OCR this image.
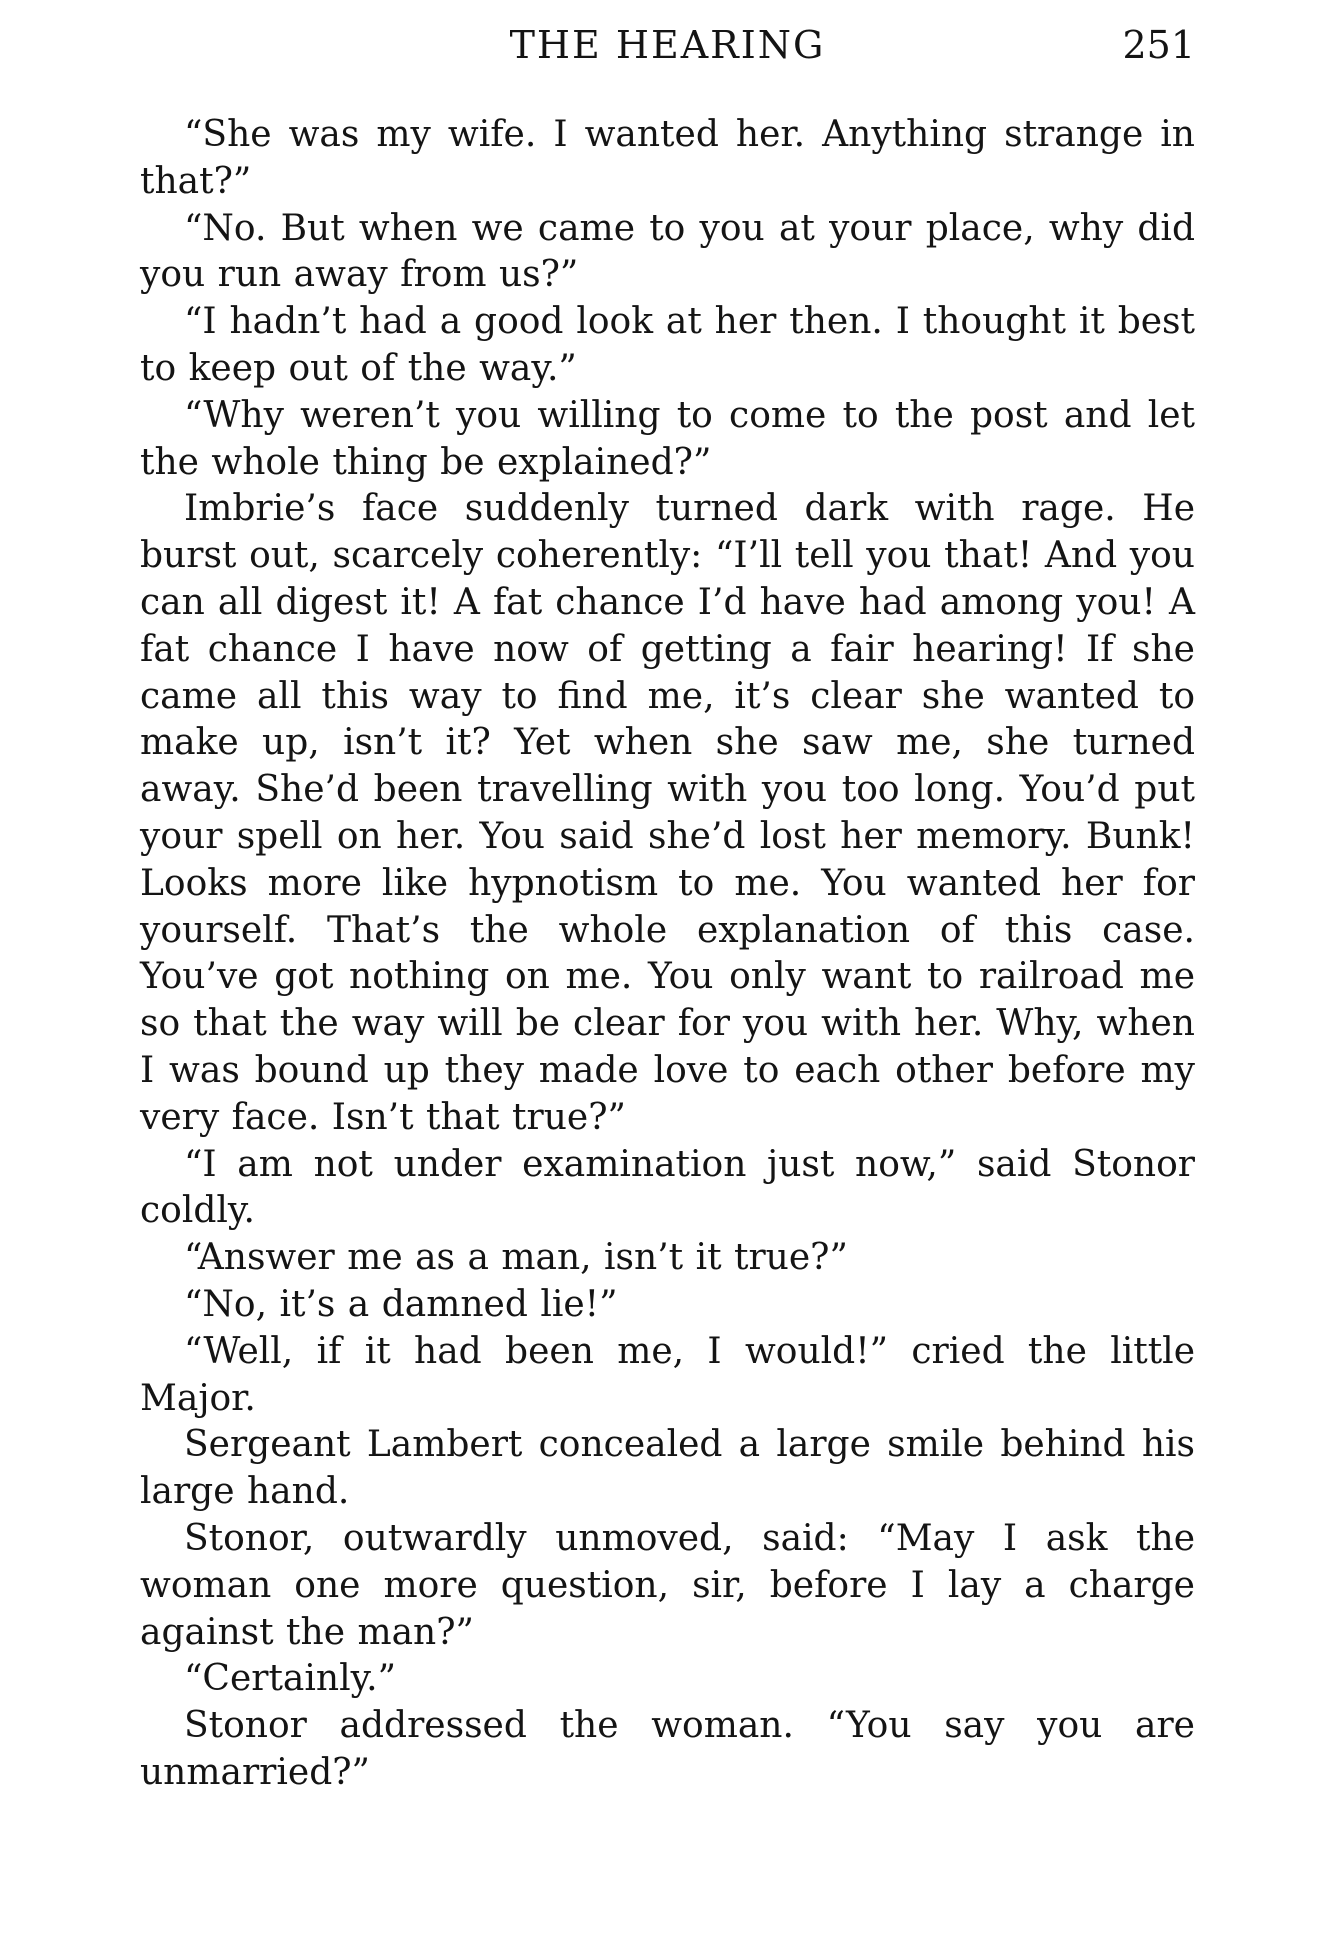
THE HEARING	251

“She was my wife. I wanted her. Anything strange in that?”

“No. But when we came to you at your place, why did you run away from us?”

“I hadn’t had a good look at her then. I thought it best to keep out of the way.”

“Why weren’t you willing to come to the post and let the whole thing be explained?”

Imbrie’s face suddenly turned dark with rage. He burst out, scarcely coherently: “I’ll tell you that! And you can all digest it! A fat chance I’d have had among you! A fat chance I have now of getting a fair hearing! If she came all this way to find me, it’s clear she wanted to make up, isn’t it? Yet when she saw me, she turned away. She’d been travelling with you too long. You’d put your spell on her. You said she’d lost her memory. Bunk! Looks more like hypnotism to me. You wanted her for yourself. That’s the whole explanation of this case. You’ve got nothing on me. You only want to railroad me so that the way will be clear for you with her. Why, when I was bound up they made love to each other before my very face. Isn’t that true?”

“I am not under examination just now,” said Stonor coldly.

“Answer me as a man, isn’t it true?”

“No, it’s a damned lie!”

“Well, if it had been me, I would!” cried the little Major.

Sergeant Lambert concealed a large smile behind his large hand.

Stonor, outwardly unmoved, said: “May I ask the woman one more question, sir, before I lay a charge against the man?”

“Certainly.”

Stonor addressed the woman. “You say you are unmarried?”
